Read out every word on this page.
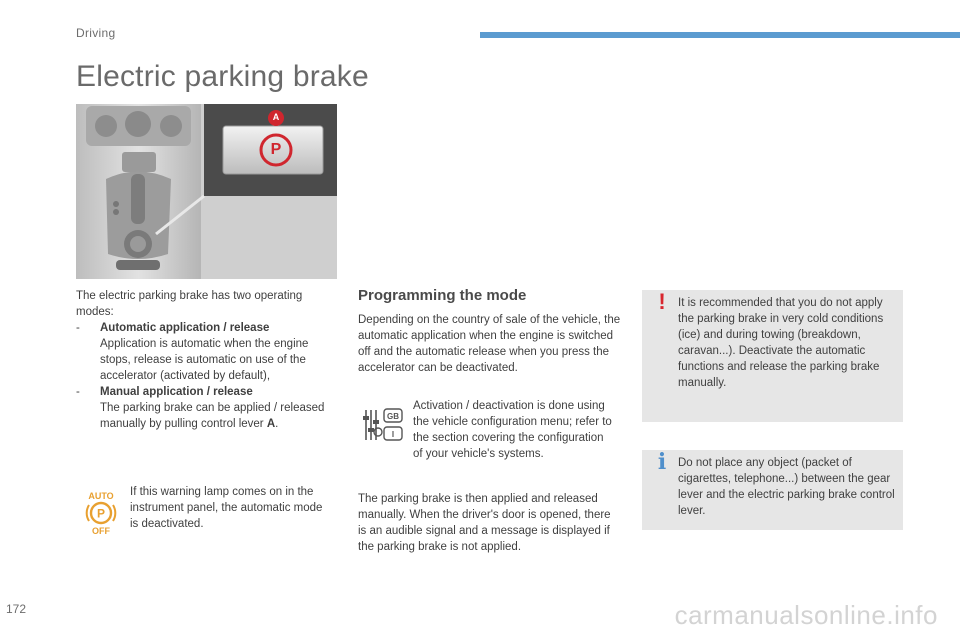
Driving
Electric parking brake
A
P

The electric parking brake has two operating modes:

-	Automatic application / release
Application is automatic when the engine stops, release is automatic on use of the accelerator (activated by default),
-	Manual application / release
The parking brake can be applied / released manually by pulling control lever A.
P
AUTO
OFF

If this warning lamp comes on in the instrument panel, the automatic mode is deactivated.

Programming the mode

Depending on the country of sale of the vehicle, the automatic application when the engine is switched off and the automatic release when you press the accelerator can be deactivated.

GB
I

Activation / deactivation is done using the vehicle configuration menu; refer to the section covering the configuration of your vehicle's systems.

The parking brake is then applied and released manually. When the driver's door is opened, there is an audible signal and a message is displayed if the parking brake is not applied.

!	It is recommended that you do not apply the parking brake in very cold conditions (ice) and during towing (breakdown, caravan...). Deactivate the automatic functions and release the parking brake manually.

i	Do not place any object (packet of cigarettes, telephone...) between the gear lever and the electric parking brake control lever.

172	carmanualsonline.info
